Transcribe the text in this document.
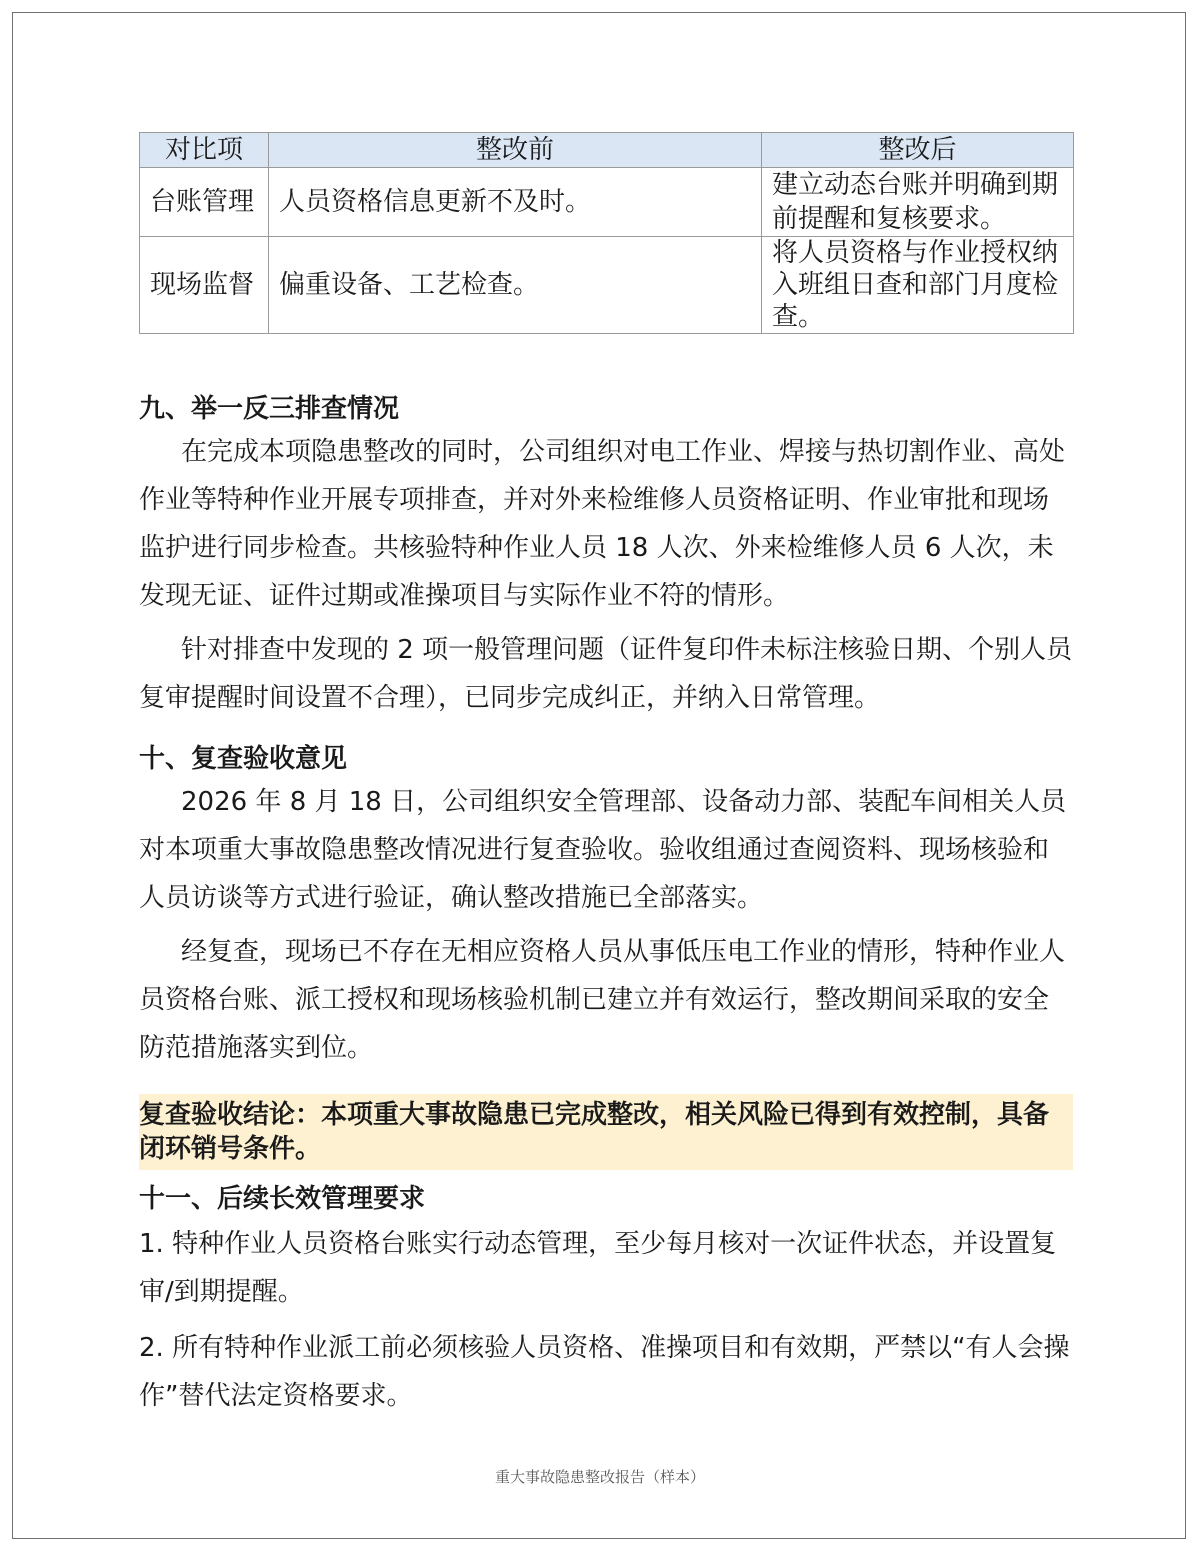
对比项	整改前	整改后
台账管理	人员资格信息更新不及时。	建立动态台账并明确到期前提醒和复核要求。
现场监督	偏重设备、工艺检查。	将人员资格与作业授权纳入班组日查和部门月度检查。
九、举一反三排查情况

在完成本项隐患整改的同时，公司组织对电工作业、焊接与热切割作业、高处作业等特种作业开展专项排查，并对外来检维修人员资格证明、作业审批和现场监护进行同步检查。共核验特种作业人员 18 人次、外来检维修人员 6 人次，未发现无证、证件过期或准操项目与实际作业不符的情形。

针对排查中发现的 2 项一般管理问题（证件复印件未标注核验日期、个别人员复审提醒时间设置不合理），已同步完成纠正，并纳入日常管理。

十、复查验收意见

2026 年 8 月 18 日，公司组织安全管理部、设备动力部、装配车间相关人员对本项重大事故隐患整改情况进行复查验收。验收组通过查阅资料、现场核验和人员访谈等方式进行验证，确认整改措施已全部落实。

经复查，现场已不存在无相应资格人员从事低压电工作业的情形，特种作业人员资格台账、派工授权和现场核验机制已建立并有效运行，整改期间采取的安全防范措施落实到位。

复查验收结论：本项重大事故隐患已完成整改，相关风险已得到有效控制，具备闭环销号条件。
十一、后续长效管理要求

1. 特种作业人员资格台账实行动态管理，至少每月核对一次证件状态，并设置复审/到期提醒。

2. 所有特种作业派工前必须核验人员资格、准操项目和有效期，严禁以“有人会操作”替代法定资格要求。

重大事故隐患整改报告（样本）
